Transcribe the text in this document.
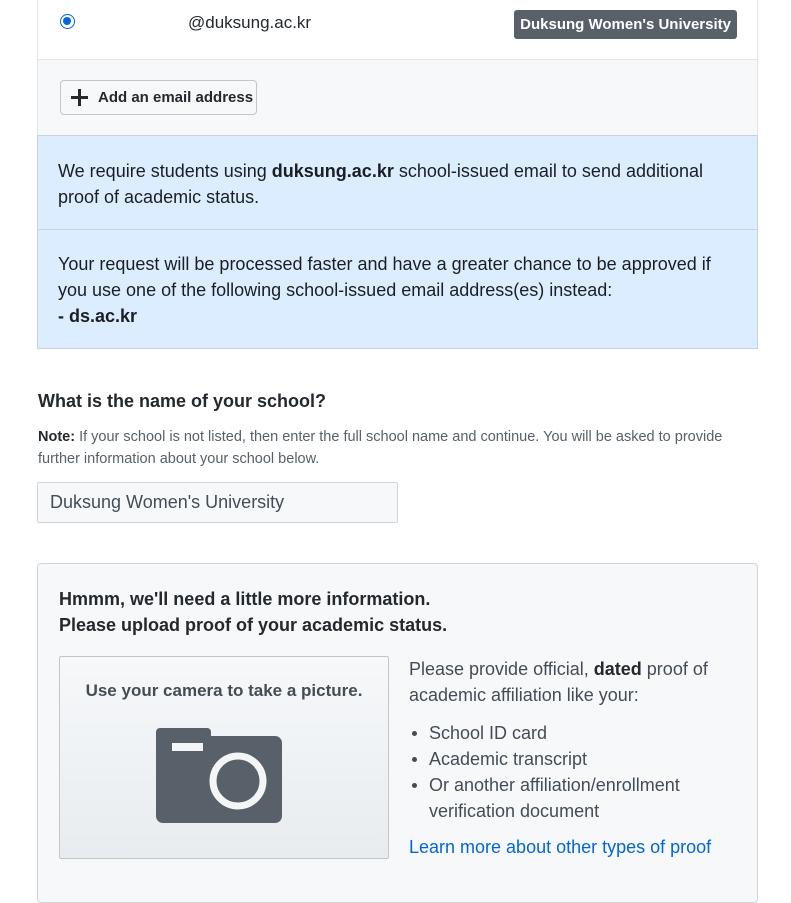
@duksung.ac.kr	Duksung Women's University
Add an email address
We require students using duksung.ac.kr school-issued email to send additional proof of academic status.
Your request will be processed faster and have a greater chance to be approved if you use one of the following school-issued email address(es) instead:
- ds.ac.kr
What is the name of your school?
Note: If your school is not listed, then enter the full school name and continue. You will be asked to provide further information about your school below.
Duksung Women's University
Hmmm, we'll need a little more information.
Please upload proof of your academic status.
Use your camera to take a picture.
Please provide official, dated proof of academic affiliation like your:
School ID card
Academic transcript
Or another affiliation/enrollment verification document
Learn more about other types of proof
